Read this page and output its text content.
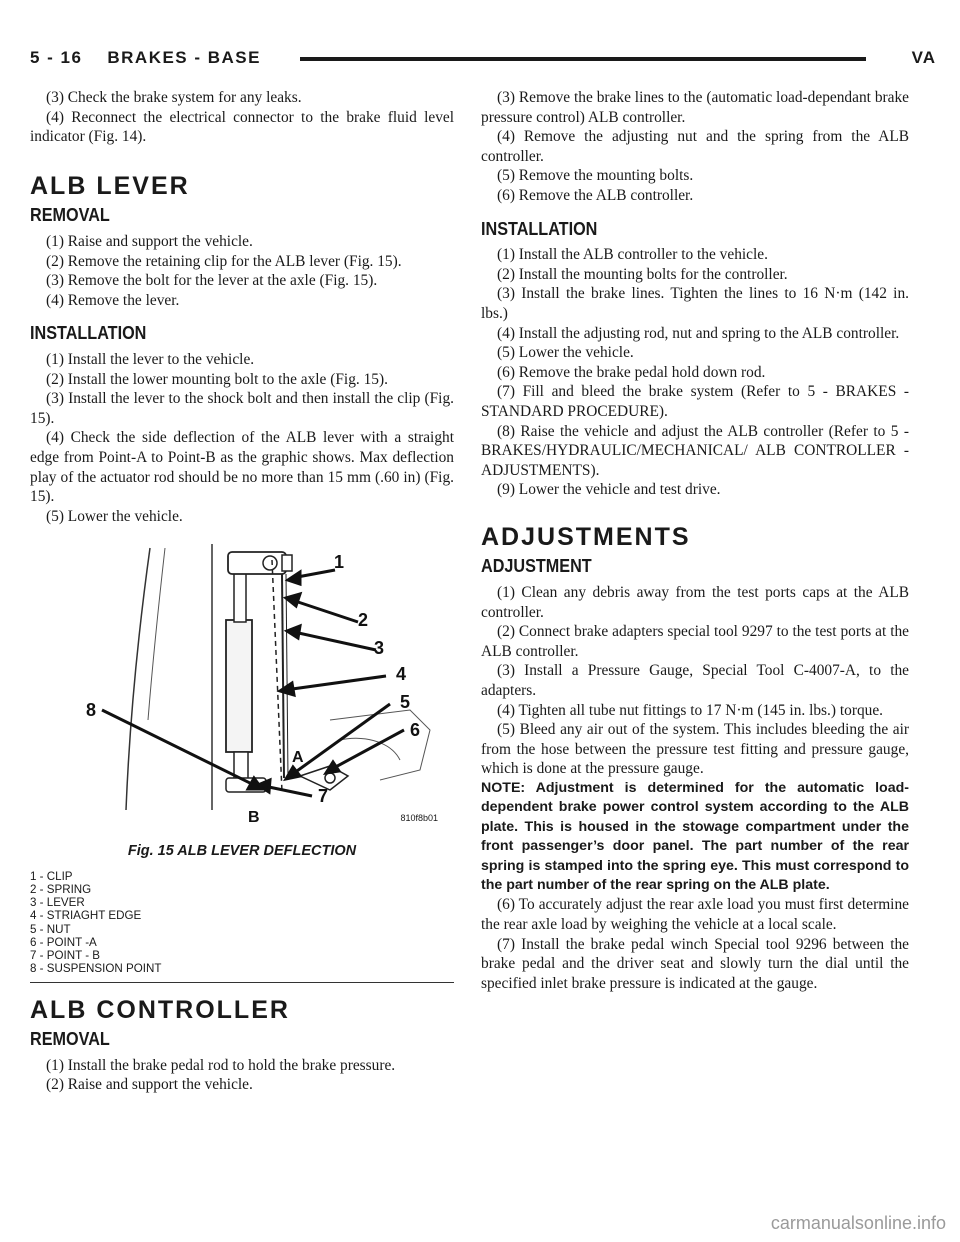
5 - 16    BRAKES - BASE	VA

(3) Check the brake system for any leaks.

(4) Reconnect the electrical connector to the brake fluid level indicator (Fig. 14).

ALB LEVER
REMOVAL

(1) Raise and support the vehicle.

(2) Remove the retaining clip for the ALB lever (Fig. 15).

(3) Remove the bolt for the lever at the axle (Fig. 15).

(4) Remove the lever.

INSTALLATION

(1) Install the lever to the vehicle.

(2) Install the lower mounting bolt to the axle (Fig. 15).

(3) Install the lever to the shock bolt and then install the clip (Fig. 15).

(4) Check the side deflection of the ALB lever with a straight edge from Point-A to Point-B as the graphic shows. Max deflection play of the actuator rod should be no more than 15 mm (.60 in) (Fig. 15).

(5) Lower the vehicle.

1
2
3
4
5
6
7
8
A
B	810f8b01
Fig. 15 ALB LEVER DEFLECTION
1 - CLIP
2 - SPRING
3 - LEVER
4 - STRIAGHT EDGE
5 - NUT
6 - POINT -A
7 - POINT - B
8 - SUSPENSION POINT
ALB CONTROLLER
REMOVAL

(1) Install the brake pedal rod to hold the brake pressure.

(2) Raise and support the vehicle.

(3) Remove the brake lines to the (automatic load-dependant brake pressure control) ALB controller.

(4) Remove the adjusting nut and the spring from the ALB controller.

(5) Remove the mounting bolts.

(6) Remove the ALB controller.

INSTALLATION

(1) Install the ALB controller to the vehicle.

(2) Install the mounting bolts for the controller.

(3) Install the brake lines. Tighten the lines to 16 N·m (142 in. lbs.)

(4) Install the adjusting rod, nut and spring to the ALB controller.

(5) Lower the vehicle.

(6) Remove the brake pedal hold down rod.

(7) Fill and bleed the brake system (Refer to 5 - BRAKES - STANDARD PROCEDURE).

(8) Raise the vehicle and adjust the ALB controller (Refer to 5 - BRAKES/HYDRAULIC/MECHANICAL/ ALB CONTROLLER - ADJUSTMENTS).

(9) Lower the vehicle and test drive.

ADJUSTMENTS
ADJUSTMENT

(1) Clean any debris away from the test ports caps at the ALB controller.

(2) Connect brake adapters special tool 9297 to the test ports at the ALB controller.

(3) Install a Pressure Gauge, Special Tool C-4007-A, to the adapters.

(4) Tighten all tube nut fittings to 17 N·m (145 in. lbs.) torque.

(5) Bleed any air out of the system. This includes bleeding the air from the hose between the pressure test fitting and pressure gauge, which is done at the pressure gauge.

NOTE: Adjustment is determined for the automatic load-dependent brake power control system according to the ALB plate. This is housed in the stowage compartment under the front passenger’s door panel. The part number of the rear spring is stamped into the spring eye. This must correspond to the part number of the rear spring on the ALB plate.

(6) To accurately adjust the rear axle load you must first determine the rear axle load by weighing the vehicle at a local scale.

(7) Install the brake pedal winch Special tool 9296 between the brake pedal and the driver seat and slowly turn the dial until the specified inlet brake pressure is indicated at the gauge.

carmanualsonline.info
